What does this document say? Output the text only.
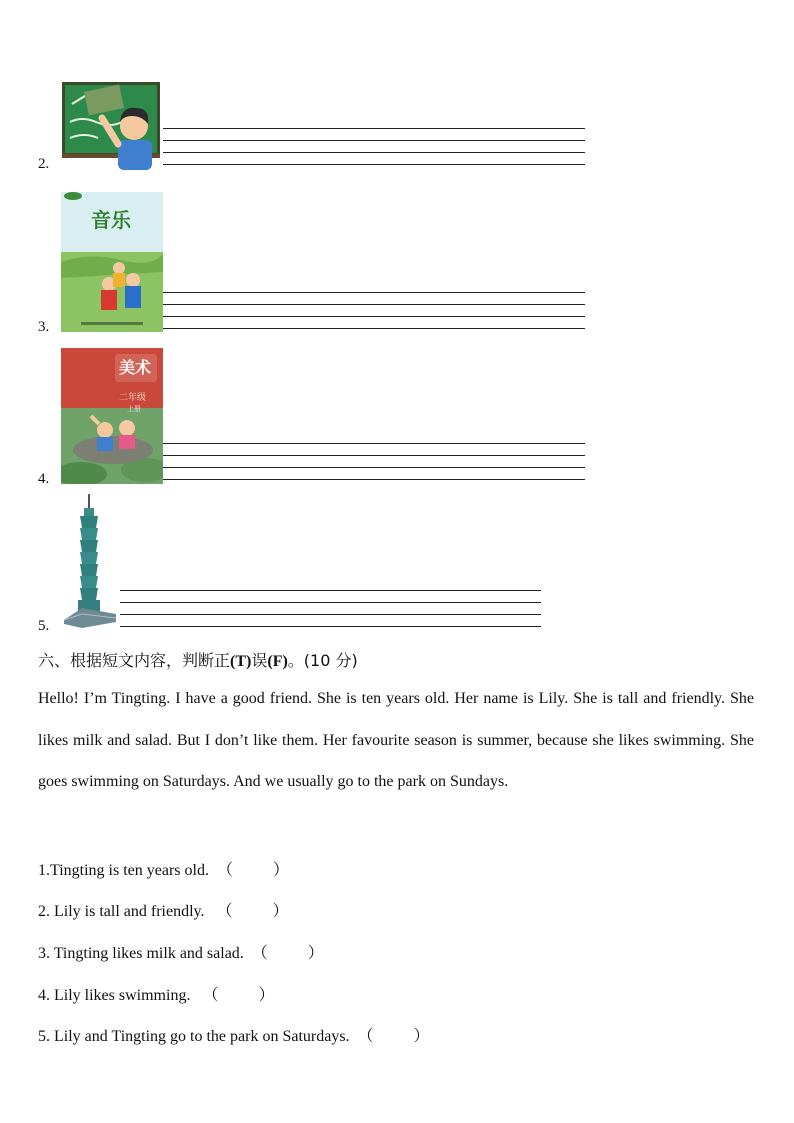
2.
音乐
3.
美术
二年级
上册
4.
5.
六、根据短文内容，判断正(T)误(F)。(10 分)
Hello! I’m Tingting. I have a good friend. She is ten years old. Her name is Lily. She is tall and friendly. She likes milk and salad. But I don’t like them. Her favourite season is summer, because she likes swimming. She goes swimming on Saturdays. And we usually go to the park on Sundays.
1.Tingting is ten years old.  （          ）
2. Lily is tall and friendly.   （          ）
3. Tingting likes milk and salad.  （          ）
4. Lily likes swimming.   （          ）
5. Lily and Tingting go to the park on Saturdays.  （          ）
